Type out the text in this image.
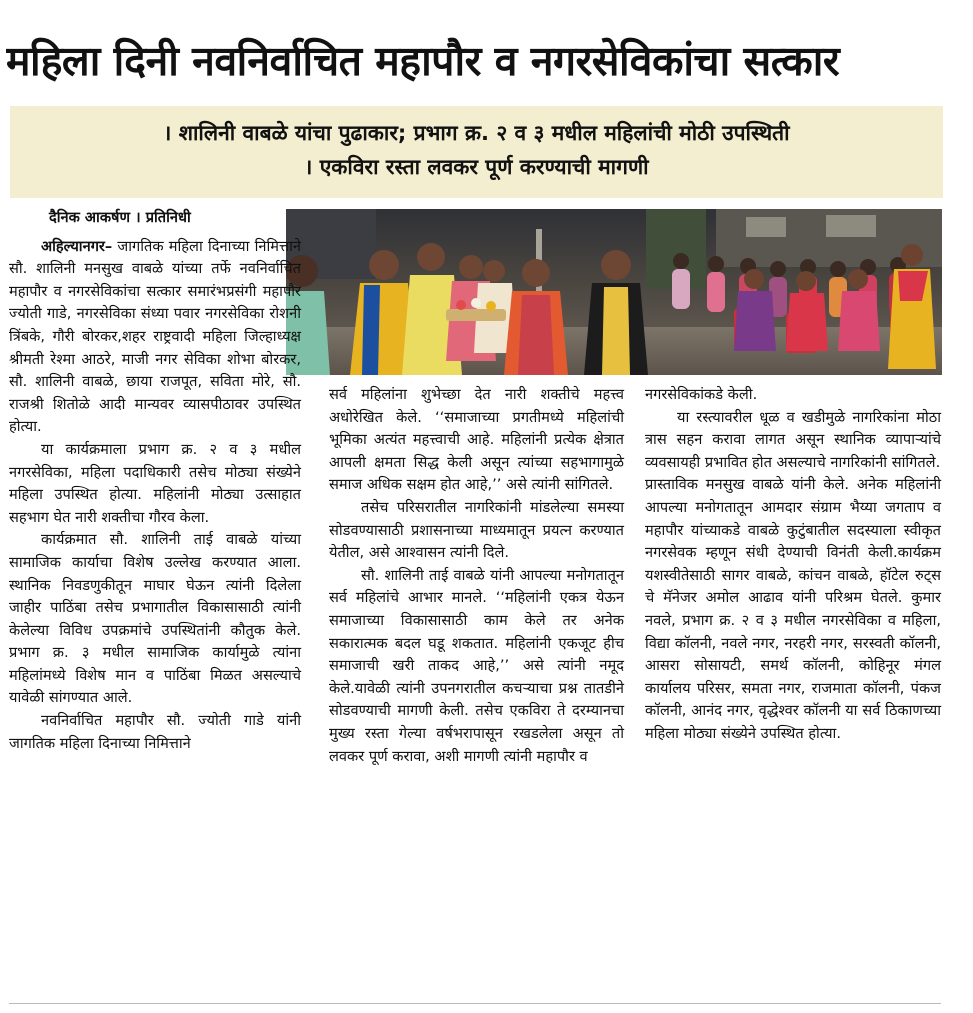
महिला दिनी नवनिर्वाचित महापौर व नगरसेविकांचा सत्कार
। शालिनी वाबळे यांचा पुढाकार; प्रभाग क्र. २ व ३ मधील महिलांची मोठी उपस्थिती
। एकविरा रस्ता लवकर पूर्ण करण्याची मागणी
दैनिक आकर्षण । प्रतिनिधी

अहिल्यानगर– जागतिक महिला दिनाच्या निमित्ताने सौ. शालिनी मनसुख वाबळे यांच्या तर्फे नवनिर्वाचित महापौर व नगरसेविकांचा सत्कार समारंभप्रसंगी महापौर ज्योती गाडे, नगरसेविका संध्या पवार नगरसेविका रोशनी त्रिंबके, गौरी बोरकर,शहर राष्ट्रवादी महिला जिल्हाध्यक्ष श्रीमती रेश्मा आठरे, माजी नगर सेविका शोभा बोरकर, सौ. शालिनी वाबळे, छाया राजपूत, सविता मोरे, सौ. राजश्री शितोळे आदी मान्यवर व्यासपीठावर उपस्थित होत्या.

या कार्यक्रमाला प्रभाग क्र. २ व ३ मधील नगरसेविका, महिला पदाधिकारी तसेच मोठ्या संख्येने महिला उपस्थित होत्या. महिलांनी मोठ्या उत्साहात सहभाग घेत नारी शक्तीचा गौरव केला.

कार्यक्रमात सौ. शालिनी ताई वाबळे यांच्या सामाजिक कार्याचा विशेष उल्लेख करण्यात आला. स्थानिक निवडणुकीतून माघार घेऊन त्यांनी दिलेला जाहीर पाठिंबा तसेच प्रभागातील विकासासाठी त्यांनी केलेल्या विविध उपक्रमांचे उपस्थितांनी कौतुक केले. प्रभाग क्र. ३ मधील सामाजिक कार्यामुळे त्यांना महिलांमध्ये विशेष मान व पाठिंबा मिळत असल्याचे यावेळी सांगण्यात आले.

नवनिर्वाचित महापौर सौ. ज्योती गाडे यांनी जागतिक महिला दिनाच्या निमित्ताने

सर्व महिलांना शुभेच्छा देत नारी शक्तीचे महत्त्व अधोरेखित केले. ‘‘समाजाच्या प्रगतीमध्ये महिलांची भूमिका अत्यंत महत्त्वाची आहे. महिलांनी प्रत्येक क्षेत्रात आपली क्षमता सिद्ध केली असून त्यांच्या सहभागामुळे समाज अधिक सक्षम होत आहे,’’ असे त्यांनी सांगितले.

तसेच परिसरातील नागरिकांनी मांडलेल्या समस्या सोडवण्यासाठी प्रशासनाच्या माध्यमातून प्रयत्न करण्यात येतील, असे आश्वासन त्यांनी दिले.

सौ. शालिनी ताई वाबळे यांनी आपल्या मनोगतातून सर्व महिलांचे आभार मानले. ‘‘महिलांनी एकत्र येऊन समाजाच्या विकासासाठी काम केले तर अनेक सकारात्मक बदल घडू शकतात. महिलांनी एकजूट हीच समाजाची खरी ताकद आहे,’’ असे त्यांनी नमूद केले.यावेळी त्यांनी उपनगरातील कचऱ्याचा प्रश्न तातडीने सोडवण्याची मागणी केली. तसेच एकविरा ते दरम्यानचा मुख्य रस्ता गेल्या वर्षभरापासून रखडलेला असून तो लवकर पूर्ण करावा, अशी मागणी त्यांनी महापौर व

नगरसेविकांकडे केली.

या रस्त्यावरील धूळ व खडीमुळे नागरिकांना मोठा त्रास सहन करावा लागत असून स्थानिक व्यापाऱ्यांचे व्यवसायही प्रभावित होत असल्याचे नागरिकांनी सांगितले.

प्रास्ताविक मनसुख वाबळे यांनी केले. अनेक महिलांनी आपल्या मनोगतातून आमदार संग्राम भैय्या जगताप व महापौर यांच्याकडे वाबळे कुटुंबातील सदस्याला स्वीकृत नगरसेवक म्हणून संधी देण्याची विनंती केली.कार्यक्रम यशस्वीतेसाठी सागर वाबळे, कांचन वाबळे, हॉटेल रुट्स चे मॅनेजर अमोल आढाव यांनी परिश्रम घेतले. कुमार नवले, प्रभाग क्र. २ व ३ मधील नगरसेविका व महिला, विद्या कॉलनी, नवले नगर, नरहरी नगर, सरस्वती कॉलनी, आसरा सोसायटी, समर्थ कॉलनी, कोहिनूर मंगल कार्यालय परिसर, समता नगर, राजमाता कॉलनी, पंकज कॉलनी, आनंद नगर, वृद्धेश्वर कॉलनी या सर्व ठिकाणच्या महिला मोठ्या संख्येने उपस्थित होत्या.
